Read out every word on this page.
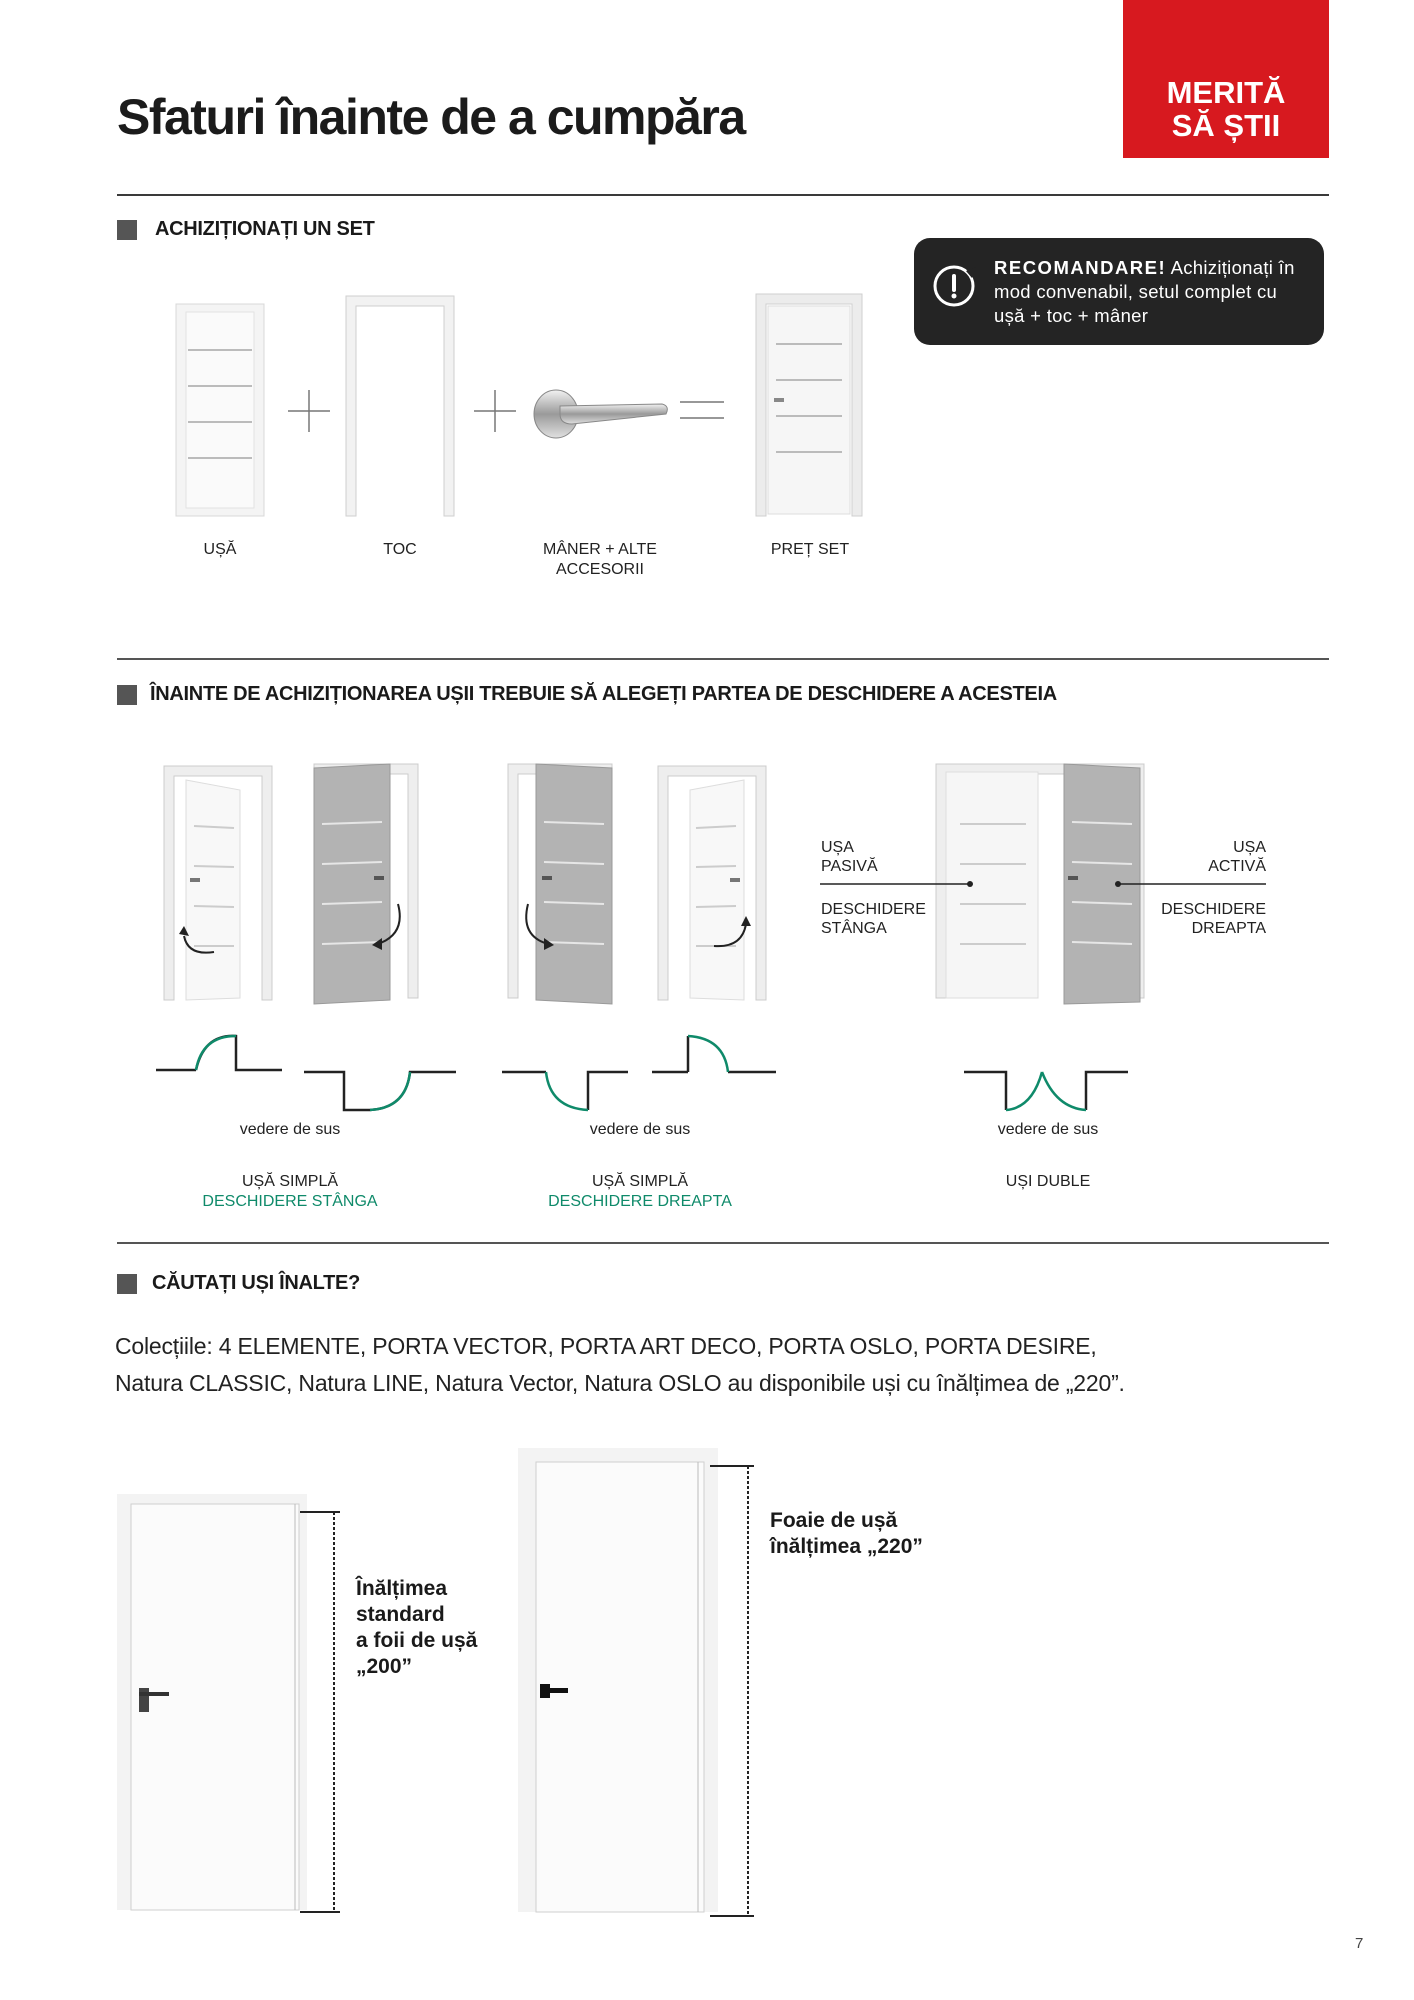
Sfaturi înainte de a cumpăra	MERITĂ
SĂ ȘTII
ACHIZIȚIONAȚI UN SET
RECOMANDARE! Achiziționați în mod convenabil, setul complet cu ușă + toc + mâner
UȘĂ	TOC	MÂNER + ALTE
ACCESORII
PREȚ SET
ÎNAINTE DE ACHIZIȚIONAREA UȘII TREBUIE SĂ ALEGEȚI PARTEA DE DESCHIDERE A ACESTEIA
UȘA
PASIVĂ
DESCHIDERE
STÂNGA
UȘA
ACTIVĂ
DESCHIDERE
DREAPTA
vedere de sus	vedere de sus	vedere de sus
UȘĂ SIMPLĂ
DESCHIDERE STÂNGA
UȘĂ SIMPLĂ
DESCHIDERE DREAPTA
UȘI DUBLE
CĂUTAȚI UȘI ÎNALTE?
Colecțiile: 4 ELEMENTE, PORTA VECTOR, PORTA ART DECO, PORTA OSLO, PORTA DESIRE,
Natura CLASSIC, Natura LINE, Natura Vector, Natura OSLO au disponibile uși cu înălțimea de „220”.
Înălțimea
standard
a foii de ușă
„200”
Foaie de ușă
înălțimea „220”
7
